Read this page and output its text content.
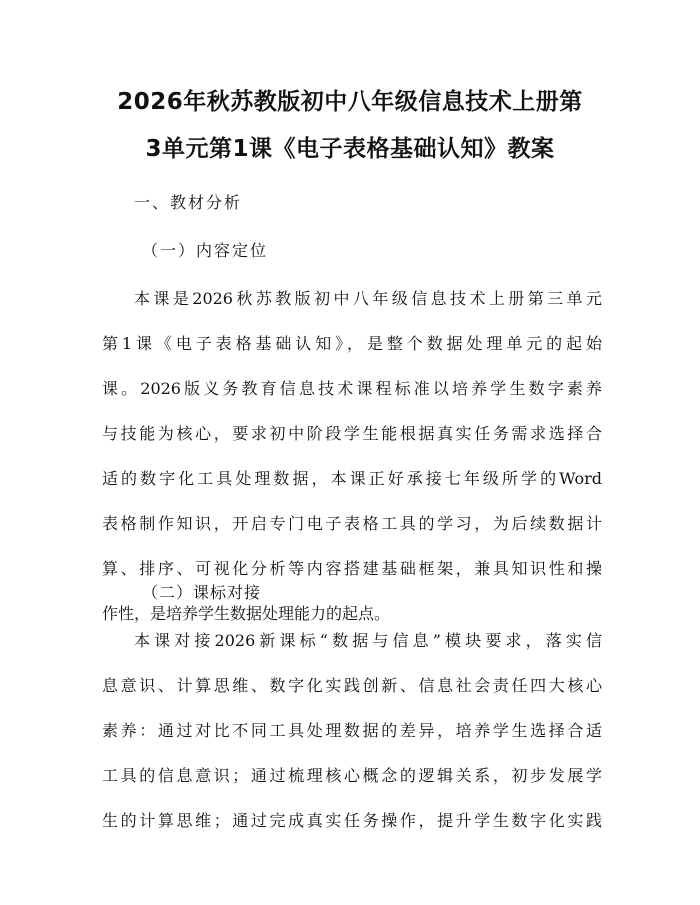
2026年秋苏教版初中八年级信息技术上册第
3单元第1课《电子表格基础认知》教案
一、教材分析
（一）内容定位
本课是2026秋苏教版初中八年级信息技术上册第三单元
第1课《电子表格基础认知》，是整个数据处理单元的起始
课。2026版义务教育信息技术课程标准以培养学生数字素养
与技能为核心，要求初中阶段学生能根据真实任务需求选择合
适的数字化工具处理数据，本课正好承接七年级所学的Word
表格制作知识，开启专门电子表格工具的学习，为后续数据计
算、排序、可视化分析等内容搭建基础框架，兼具知识性和操
作性，是培养学生数据处理能力的起点。
（二）课标对接
本课对接2026新课标“数据与信息”模块要求，落实信
息意识、计算思维、数字化实践创新、信息社会责任四大核心
素养：通过对比不同工具处理数据的差异，培养学生选择合适
工具的信息意识；通过梳理核心概念的逻辑关系，初步发展学
生的计算思维；通过完成真实任务操作，提升学生数字化实践
